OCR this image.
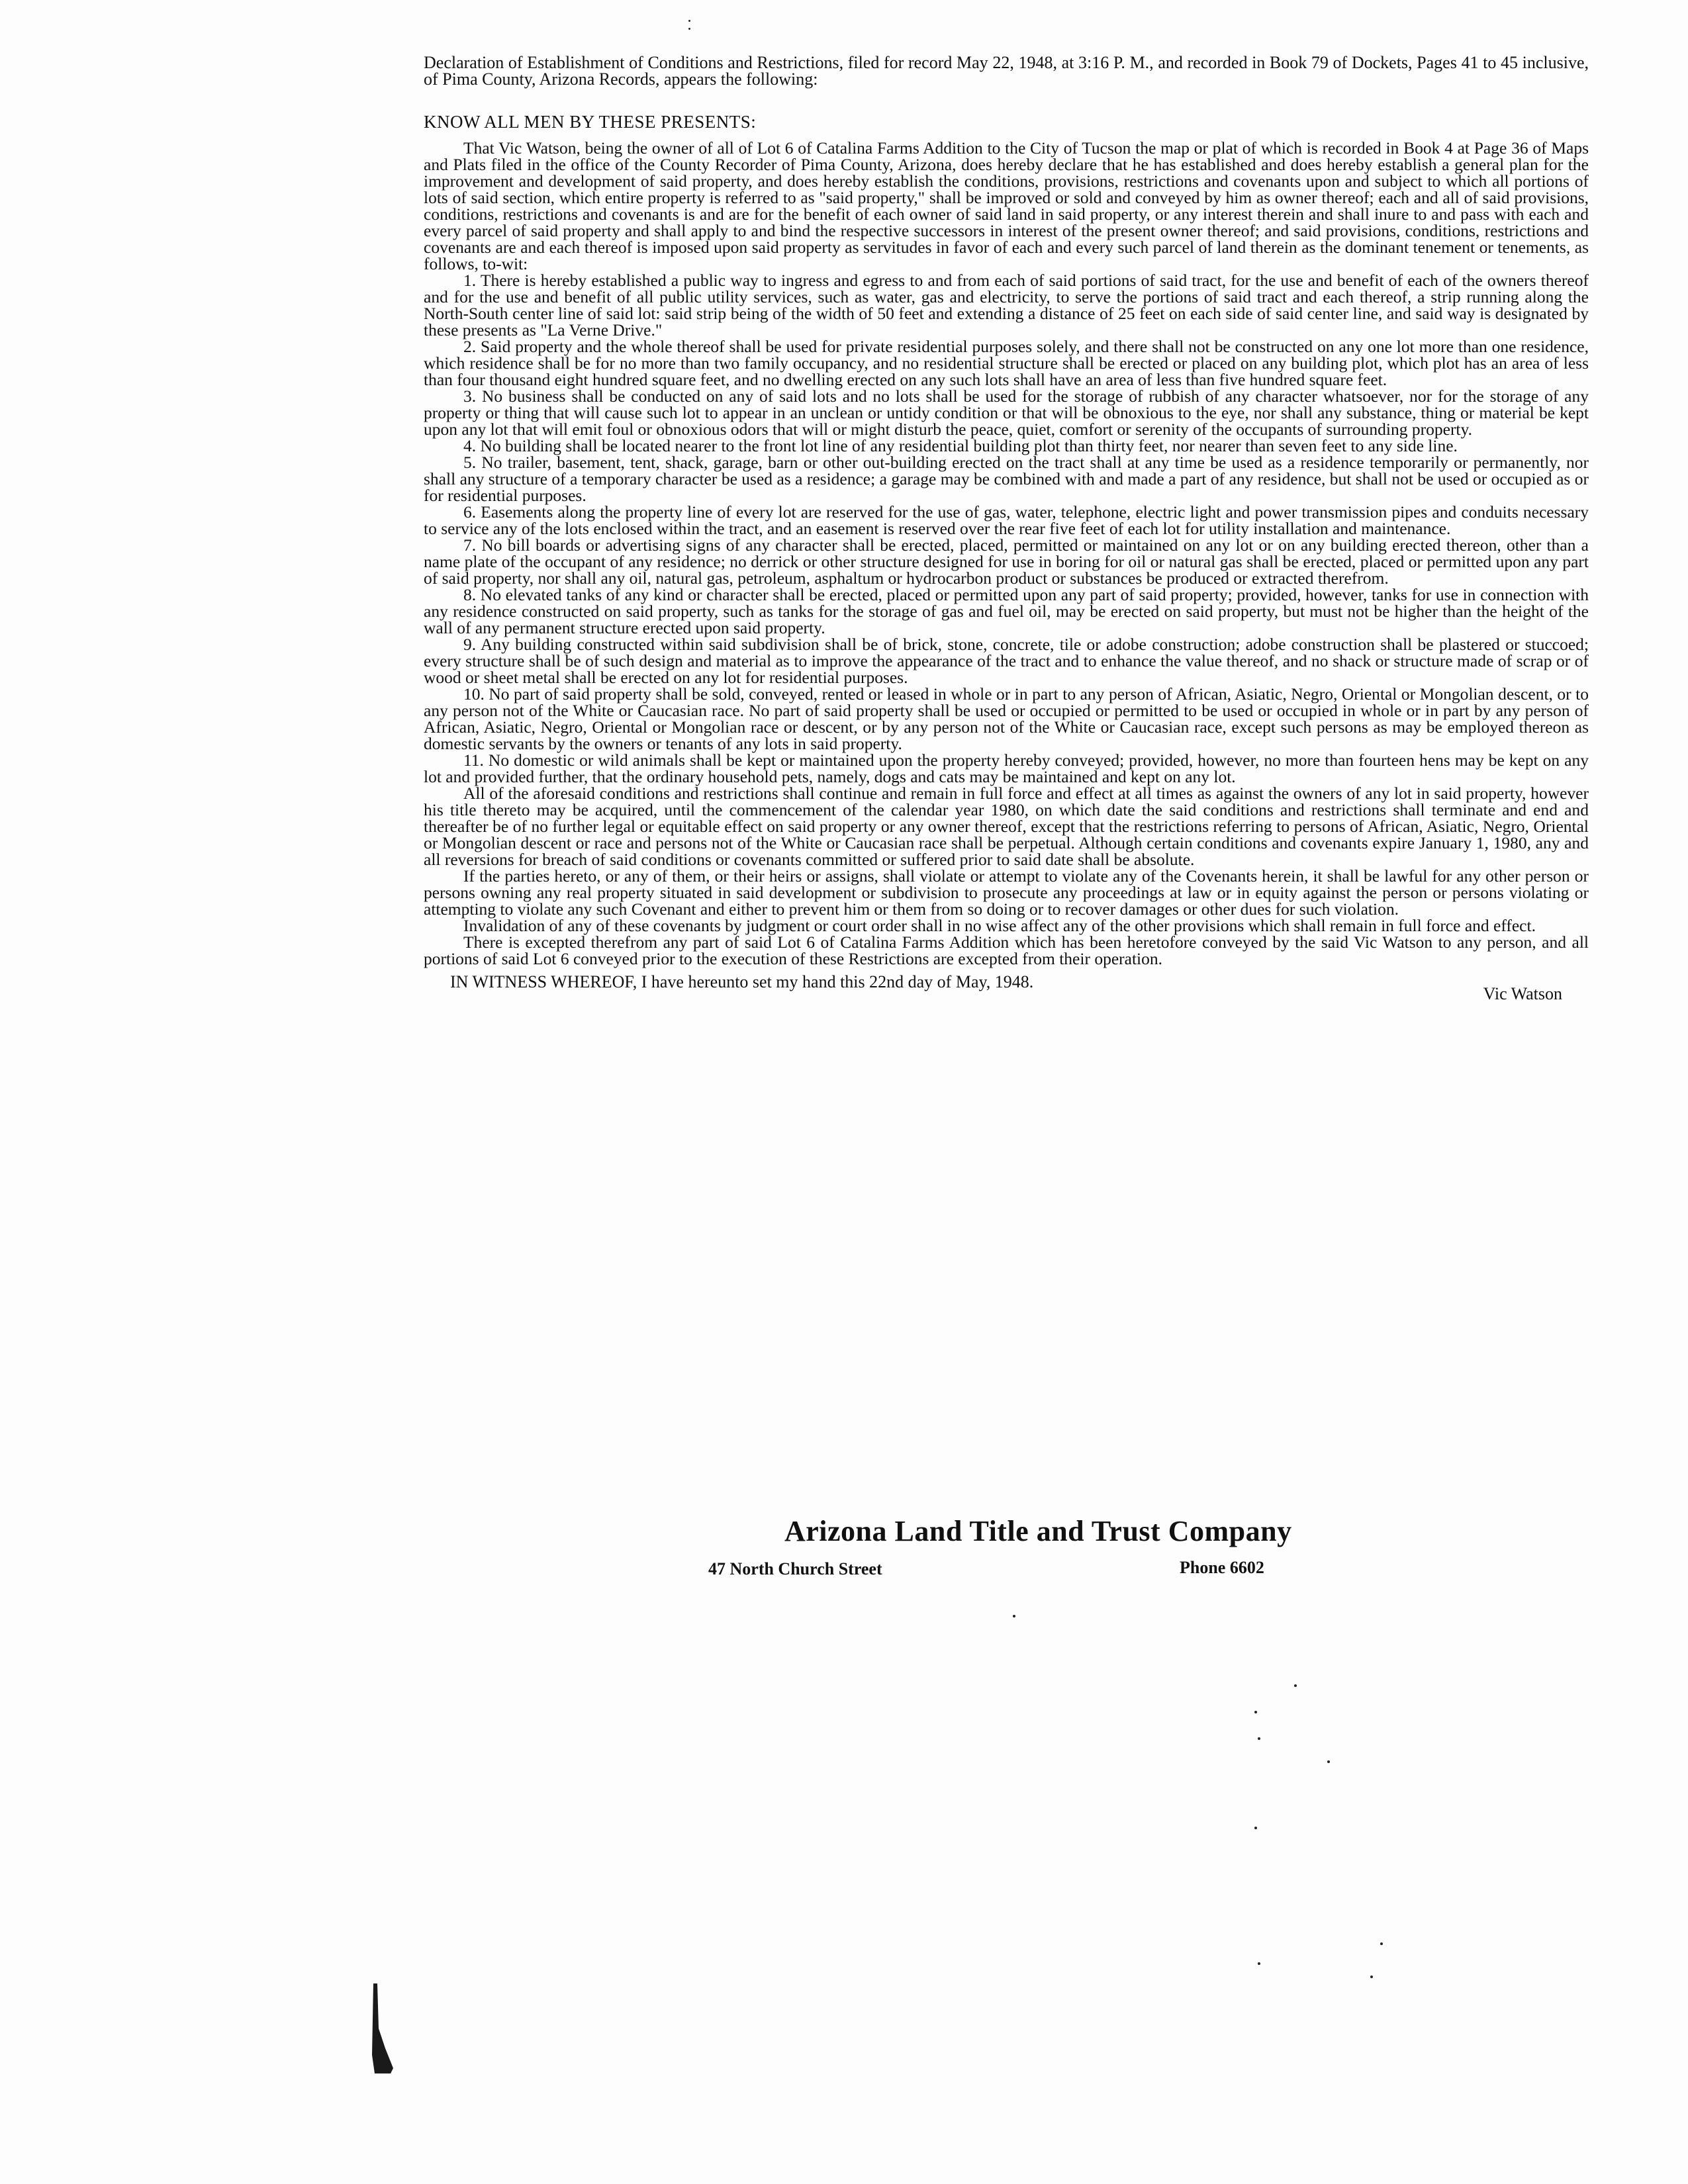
Declaration of Establishment of Conditions and Restrictions, filed for record May 22, 1948, at 3:16 P. M., and recorded in Book 79 of Dockets, Pages 41 to 45 inclusive, of Pima County, Arizona Records, appears the following:

KNOW ALL MEN BY THESE PRESENTS:

That Vic Watson, being the owner of all of Lot 6 of Catalina Farms Addition to the City of Tucson the map or plat of which is recorded in Book 4 at Page 36 of Maps and Plats filed in the office of the County Recorder of Pima County, Arizona, does hereby declare that he has established and does hereby establish a general plan for the improvement and development of said property, and does hereby establish the conditions, provisions, restrictions and covenants upon and subject to which all portions of lots of said section, which entire property is referred to as "said property," shall be improved or sold and conveyed by him as owner thereof; each and all of said provisions, conditions, restrictions and covenants is and are for the benefit of each owner of said land in said property, or any interest therein and shall inure to and pass with each and every parcel of said property and shall apply to and bind the respective successors in interest of the present owner thereof; and said provisions, conditions, restrictions and covenants are and each thereof is imposed upon said property as servitudes in favor of each and every such parcel of land therein as the dominant tenement or tenements, as follows, to-wit:

1. There is hereby established a public way to ingress and egress to and from each of said portions of said tract, for the use and benefit of each of the owners thereof and for the use and benefit of all public utility services, such as water, gas and electricity, to serve the portions of said tract and each thereof, a strip running along the North-South center line of said lot: said strip being of the width of 50 feet and extending a distance of 25 feet on each side of said center line, and said way is designated by these presents as "La Verne Drive."

2. Said property and the whole thereof shall be used for private residential purposes solely, and there shall not be constructed on any one lot more than one residence, which residence shall be for no more than two family occupancy, and no residential structure shall be erected or placed on any building plot, which plot has an area of less than four thousand eight hundred square feet, and no dwelling erected on any such lots shall have an area of less than five hundred square feet.

3. No business shall be conducted on any of said lots and no lots shall be used for the storage of rubbish of any character whatsoever, nor for the storage of any property or thing that will cause such lot to appear in an unclean or untidy condition or that will be obnoxious to the eye, nor shall any substance, thing or material be kept upon any lot that will emit foul or obnoxious odors that will or might disturb the peace, quiet, comfort or serenity of the occupants of surrounding property.

4. No building shall be located nearer to the front lot line of any residential building plot than thirty feet, nor nearer than seven feet to any side line.

5. No trailer, basement, tent, shack, garage, barn or other out-building erected on the tract shall at any time be used as a residence temporarily or permanently, nor shall any structure of a temporary character be used as a residence; a garage may be combined with and made a part of any residence, but shall not be used or occupied as or for residential purposes.

6. Easements along the property line of every lot are reserved for the use of gas, water, telephone, electric light and power transmission pipes and conduits necessary to service any of the lots enclosed within the tract, and an easement is reserved over the rear five feet of each lot for utility installation and maintenance.

7. No bill boards or advertising signs of any character shall be erected, placed, permitted or maintained on any lot or on any building erected thereon, other than a name plate of the occupant of any residence; no derrick or other structure designed for use in boring for oil or natural gas shall be erected, placed or permitted upon any part of said property, nor shall any oil, natural gas, petroleum, asphaltum or hydrocarbon product or substances be produced or extracted therefrom.

8. No elevated tanks of any kind or character shall be erected, placed or permitted upon any part of said property; provided, however, tanks for use in connection with any residence constructed on said property, such as tanks for the storage of gas and fuel oil, may be erected on said property, but must not be higher than the height of the wall of any permanent structure erected upon said property.

9. Any building constructed within said subdivision shall be of brick, stone, concrete, tile or adobe construction; adobe construction shall be plastered or stuccoed; every structure shall be of such design and material as to improve the appearance of the tract and to enhance the value thereof, and no shack or structure made of scrap or of wood or sheet metal shall be erected on any lot for residential purposes.

10. No part of said property shall be sold, conveyed, rented or leased in whole or in part to any person of African, Asiatic, Negro, Oriental or Mongolian descent, or to any person not of the White or Caucasian race. No part of said property shall be used or occupied or permitted to be used or occupied in whole or in part by any person of African, Asiatic, Negro, Oriental or Mongolian race or descent, or by any person not of the White or Caucasian race, except such persons as may be employed thereon as domestic servants by the owners or tenants of any lots in said property.

11. No domestic or wild animals shall be kept or maintained upon the property hereby conveyed; provided, however, no more than fourteen hens may be kept on any lot and provided further, that the ordinary household pets, namely, dogs and cats may be maintained and kept on any lot.

All of the aforesaid conditions and restrictions shall continue and remain in full force and effect at all times as against the owners of any lot in said property, however his title thereto may be acquired, until the commencement of the calendar year 1980, on which date the said conditions and restrictions shall terminate and end and thereafter be of no further legal or equitable effect on said property or any owner thereof, except that the restrictions referring to persons of African, Asiatic, Negro, Oriental or Mongolian descent or race and persons not of the White or Caucasian race shall be perpetual. Although certain conditions and covenants expire January 1, 1980, any and all reversions for breach of said conditions or covenants committed or suffered prior to said date shall be absolute.

If the parties hereto, or any of them, or their heirs or assigns, shall violate or attempt to violate any of the Covenants herein, it shall be lawful for any other person or persons owning any real property situated in said development or subdivision to prosecute any proceedings at law or in equity against the person or persons violating or attempting to violate any such Covenant and either to prevent him or them from so doing or to recover damages or other dues for such violation.

Invalidation of any of these covenants by judgment or court order shall in no wise affect any of the other provisions which shall remain in full force and effect.

There is excepted therefrom any part of said Lot 6 of Catalina Farms Addition which has been heretofore conveyed by the said Vic Watson to any person, and all portions of said Lot 6 conveyed prior to the execution of these Restrictions are excepted from their operation.

IN WITNESS WHEREOF, I have hereunto set my hand this 22nd day of May, 1948.
Vic Watson
Arizona Land Title and Trust Company
47 North Church Street	Phone 6602
